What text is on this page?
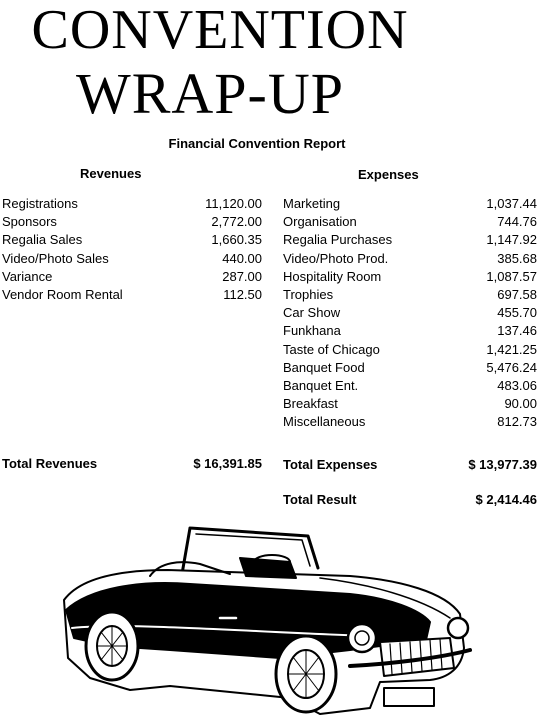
CONVENTION
WRAP-UP
Financial Convention Report
Revenues	Expenses
Registrations	11,120.00
Sponsors	2,772.00
Regalia Sales	1,660.35
Video/Photo Sales	440.00
Variance	287.00
Vendor Room Rental	112.50
Marketing	1,037.44
Organisation	744.76
Regalia Purchases	1,147.92
Video/Photo Prod.	385.68
Hospitality Room	1,087.57
Trophies	697.58
Car Show	455.70
Funkhana	137.46
Taste of Chicago	1,421.25
Banquet Food	5,476.24
Banquet Ent.	483.06
Breakfast	90.00
Miscellaneous	812.73
Total Revenues	$ 16,391.85 Total Expenses	$ 13,977.39
Total Result	$ 2,414.46
